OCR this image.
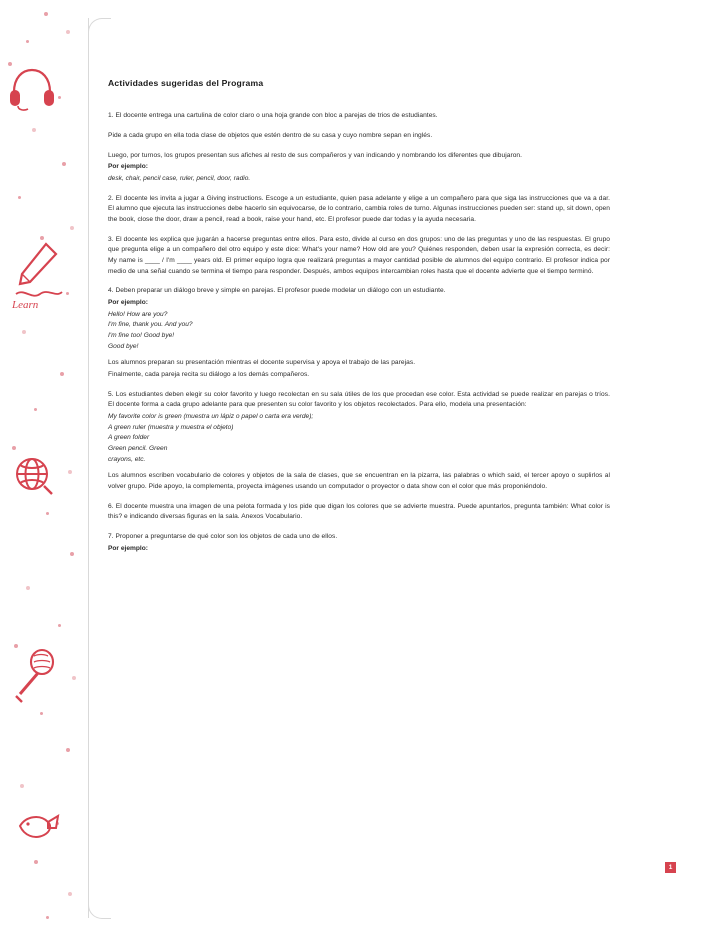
Learn
Actividades sugeridas del Programa

1. El docente entrega una cartulina de color claro o una hoja grande con bloc a parejas de trios de estudiantes.

Pide a cada grupo en ella toda clase de objetos que estén dentro de su casa y cuyo nombre sepan en inglés.

Luego, por turnos, los grupos presentan sus afiches al resto de sus compañeros y van indicando y nombrando los diferentes que dibujaron.

Por ejemplo:

desk, chair, pencil case, ruler, pencil, door, radio.

2. El docente les invita a jugar a Giving instructions. Escoge a un estudiante, quien pasa adelante y elige a un compañero para que siga las instrucciones que va a dar. El alumno que ejecuta las instrucciones debe hacerlo sin equivocarse, de lo contrario, cambia roles de turno. Algunas instrucciones pueden ser: stand up, sit down, open the book, close the door, draw a pencil, read a book, raise your hand, etc. El profesor puede dar todas y la ayuda necesaria.

3. El docente les explica que jugarán a hacerse preguntas entre ellos. Para esto, divide al curso en dos grupos: uno de las preguntas y uno de las respuestas. El grupo que pregunta elige a un compañero del otro equipo y este dice: What's your name? How old are you? Quiénes responden, deben usar la expresión correcta, es decir: My name is ____ / I'm ____ years old. El primer equipo logra que realizará preguntas a mayor cantidad posible de alumnos del equipo contrario. El profesor indica por medio de una señal cuando se termina el tiempo para responder. Después, ambos equipos intercambian roles hasta que el docente advierte que el tiempo terminó.

4. Deben preparar un diálogo breve y simple en parejas. El profesor puede modelar un diálogo con un estudiante.

Por ejemplo:

Hello! How are you?
I'm fine, thank you. And you?
I'm fine too! Good bye!
Good bye!

Los alumnos preparan su presentación mientras el docente supervisa y apoya el trabajo de las parejas.

Finalmente, cada pareja recita su diálogo a los demás compañeros.

5. Los estudiantes deben elegir su color favorito y luego recolectan en su sala útiles de los que procedan ese color. Esta actividad se puede realizar en parejas o tríos. El docente forma a cada grupo adelante para que presenten su color favorito y los objetos recolectados. Para ello, modela una presentación:

My favorite color is green (muestra un lápiz o papel o carta era verde);
A green ruler (muestra y muestra el objeto)
A green folder
Green pencil. Green
crayons, etc.

Los alumnos escriben vocabulario de colores y objetos de la sala de clases, que se encuentran en la pizarra, las palabras o which said, el tercer apoyo o suplirlos al volver grupo. Pide apoyo, la complementa, proyecta imágenes usando un computador o proyector o data show con el color que más proponiéndolo.

6. El docente muestra una imagen de una pelota formada y los pide que digan los colores que se advierte muestra. Puede apuntarlos, pregunta también: What color is this? e indicando diversas figuras en la sala. Anexos Vocabulario.

7. Proponer a preguntarse de qué color son los objetos de cada uno de ellos.

Por ejemplo:

1
